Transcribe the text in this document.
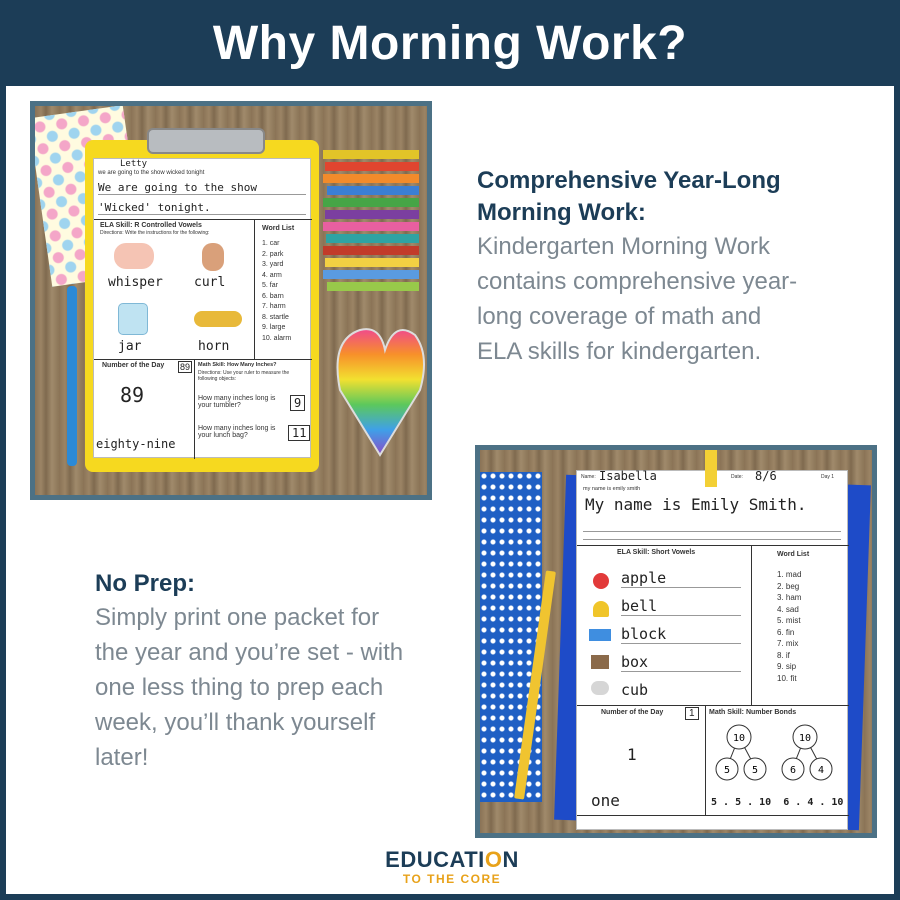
Why Morning Work?
Letty
we are going to the show wicked tonight
We are going to the show
'Wicked' tonight.
ELA Skill: R Controlled Vowels
Directions: Write the instructions for the following:
whisper curl
jar	horn
Word List
1. car
2. park
3. yard
4. arm
5. far
6. barn
7. harm
8. startle
9. large
10. alarm
Number of the Day 89
89
eighty-nine
Math Skill: How Many Inches?
Directions: Use your ruler to measure the following objects:
How many inches long is your tumbler?	9
How many inches long is your lunch bag?	11
Comprehensive Year-Long
Morning Work:
Kindergarten Morning Work
contains comprehensive year-
long coverage of math and
ELA skills for kindergarten.
No Prep:
Simply print one packet for
the year and you’re set - with
one less thing to prep each
week, you’ll thank yourself
later!
Name: Isabella	Date: 8/6	Day 1
my name is emily smith
My name is Emily Smith.
ELA Skill: Short Vowels
apple
bell
block
box
cub
Word List
1. mad
2. beg
3. ham
4. sad
5. mist
6. fin
7. mix
8. if
9. sip
10. fit
Number of the Day	1
1
one
Math Skill: Number Bonds
10
5 5
10
6 4
5 . 5 . 10  6 . 4 . 10
EDUCATION
TO THE CORE
